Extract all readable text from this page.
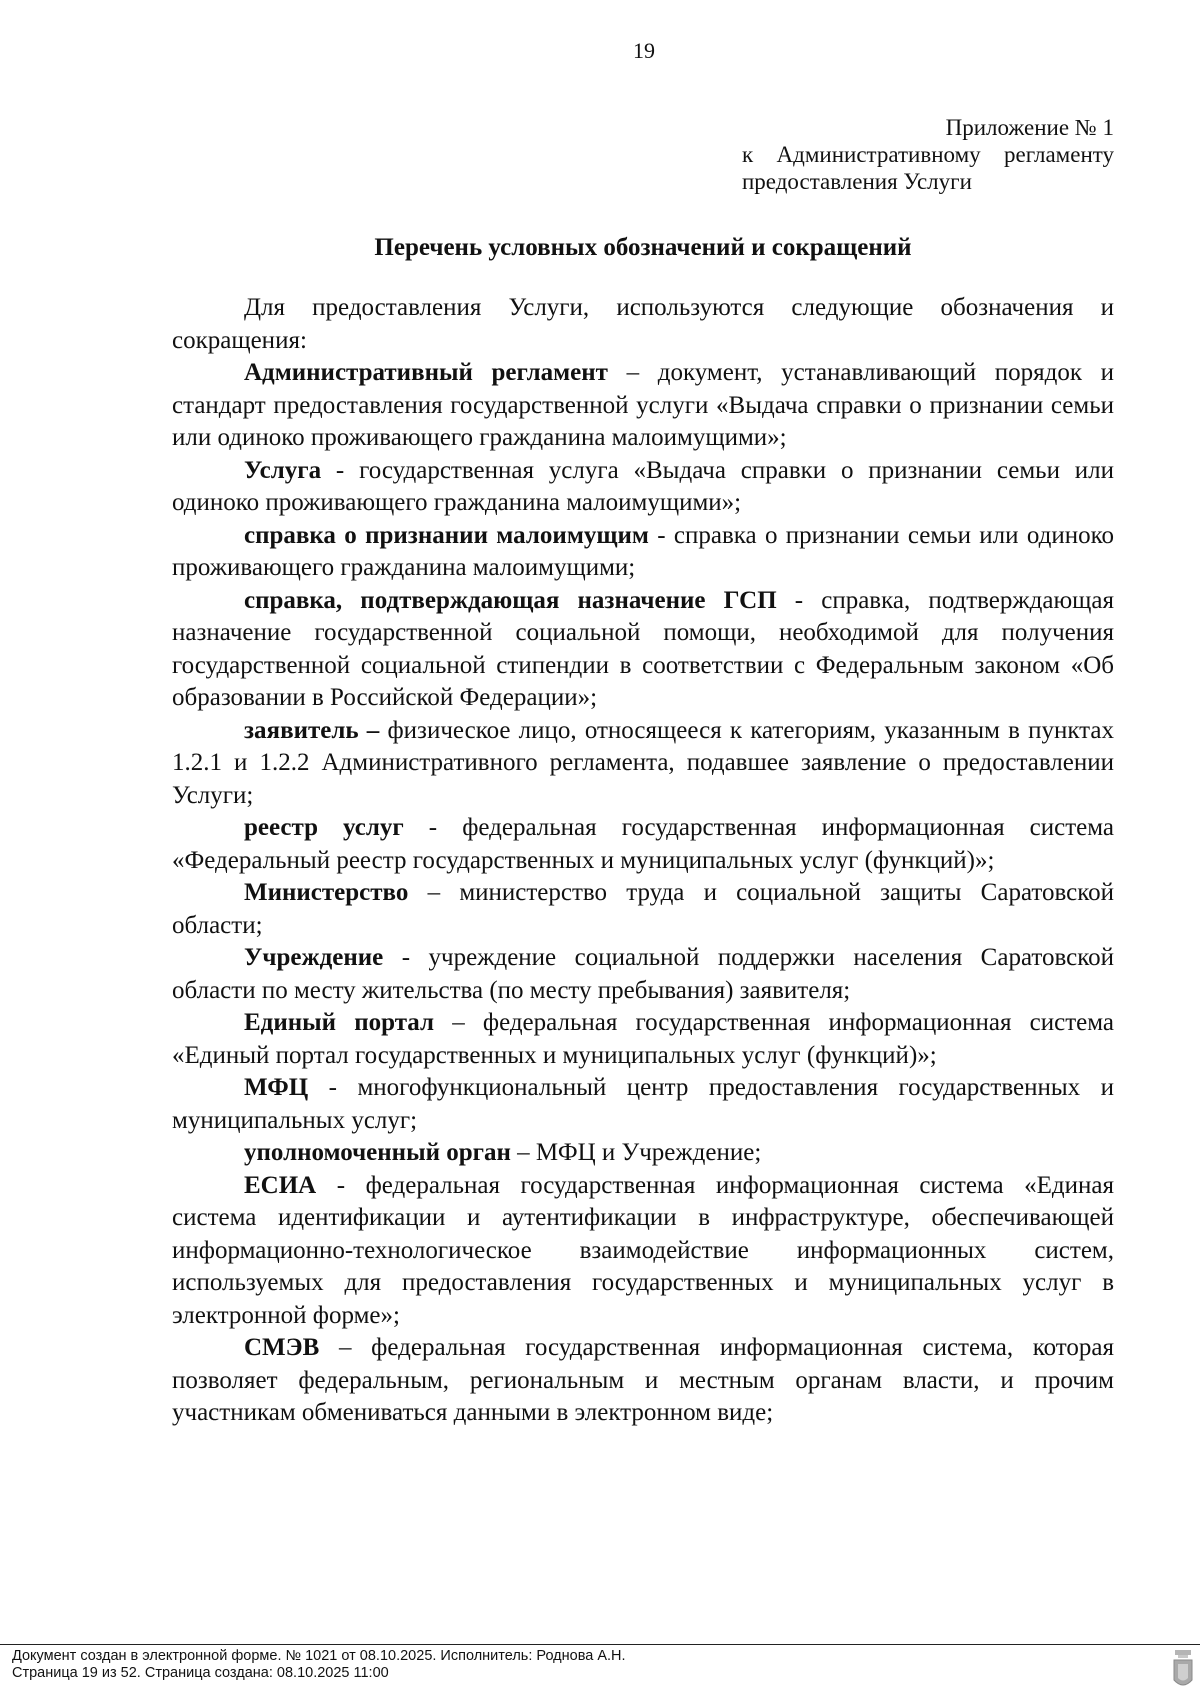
19
Приложение № 1
к Административному регламенту
предоставления Услуги
Перечень условных обозначений и сокращений

Для предоставления Услуги, используются следующие обозначения и сокращения:

Административный регламент – документ, устанавливающий порядок и стандарт предоставления государственной услуги «Выдача справки о признании семьи или одиноко проживающего гражданина малоимущими»;

Услуга - государственная услуга «Выдача справки о признании семьи или одиноко проживающего гражданина малоимущими»;

справка о признании малоимущим - справка о признании семьи или одиноко проживающего гражданина малоимущими;

справка, подтверждающая назначение ГСП - справка, подтверждающая назначение государственной социальной помощи, необходимой для получения государственной социальной стипендии в соответствии с Федеральным законом «Об образовании в Российской Федерации»;

заявитель – физическое лицо, относящееся к категориям, указанным в пунктах 1.2.1 и 1.2.2 Административного регламента, подавшее заявление о предоставлении Услуги;

реестр услуг - федеральная государственная информационная система «Федеральный реестр государственных и муниципальных услуг (функций)»;

Министерство – министерство труда и социальной защиты Саратовской области;

Учреждение - учреждение социальной поддержки населения Саратовской области по месту жительства (по месту пребывания) заявителя;

Единый портал – федеральная государственная информационная система «Единый портал государственных и муниципальных услуг (функций)»;

МФЦ - многофункциональный центр предоставления государственных и муниципальных услуг;

уполномоченный орган – МФЦ и Учреждение;

ЕСИА - федеральная государственная информационная система «Единая система идентификации и аутентификации в инфраструктуре, обеспечивающей информационно-технологическое взаимодействие информационных систем, используемых для предоставления государственных и муниципальных услуг в электронной форме»;

СМЭВ – федеральная государственная информационная система, которая позволяет федеральным, региональным и местным органам власти, и прочим участникам обмениваться данными в электронном виде;

Документ создан в электронной форме. № 1021 от 08.10.2025. Исполнитель: Роднова А.Н.
Страница 19 из 52. Страница создана: 08.10.2025 11:00
